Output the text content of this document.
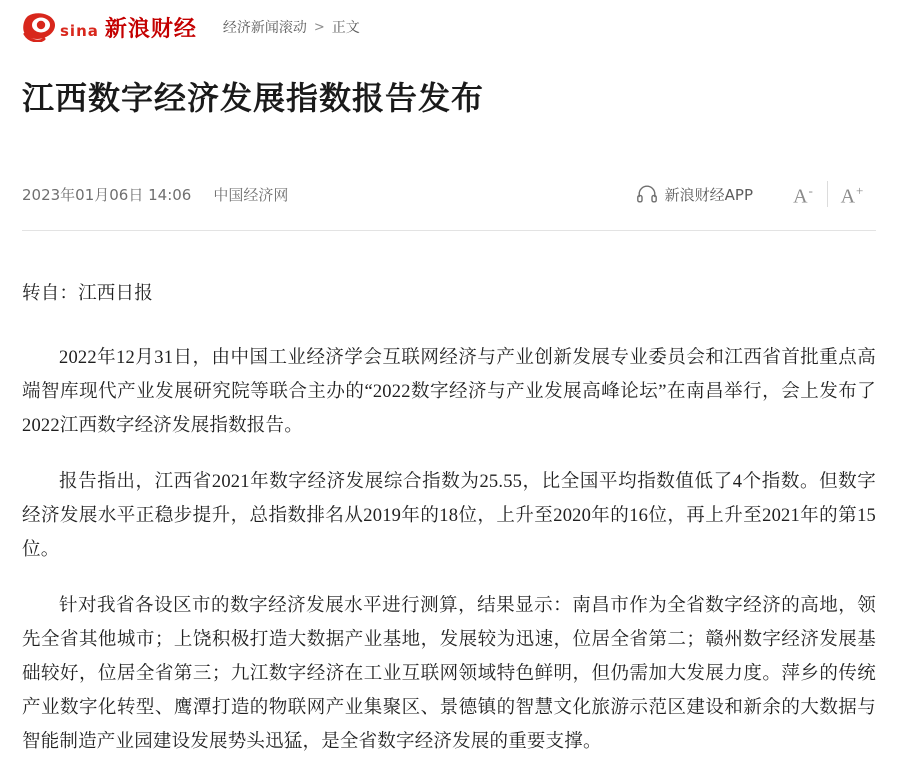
sina 新浪财经 经济新闻滚动 > 正文
江西数字经济发展指数报告发布
2023年01月06日 14:06 中国经济网	新浪财经APP	A-	A+

转自：江西日报

2022年12月31日，由中国工业经济学会互联网经济与产业创新发展专业委员会和江西省首批重点高端智库现代产业发展研究院等联合主办的“2022数字经济与产业发展高峰论坛”在南昌举行，会上发布了2022江西数字经济发展指数报告。

报告指出，江西省2021年数字经济发展综合指数为25.55，比全国平均指数值低了4个指数。但数字经济发展水平正稳步提升，总指数排名从2019年的18位，上升至2020年的16位，再上升至2021年的第15位。

针对我省各设区市的数字经济发展水平进行测算，结果显示：南昌市作为全省数字经济的高地，领先全省其他城市；上饶积极打造大数据产业基地，发展较为迅速，位居全省第二；赣州数字经济发展基础较好，位居全省第三；九江数字经济在工业互联网领域特色鲜明，但仍需加大发展力度。萍乡的传统产业数字化转型、鹰潭打造的物联网产业集聚区、景德镇的智慧文化旅游示范区建设和新余的大数据与智能制造产业园建设发展势头迅猛，是全省数字经济发展的重要支撑。
